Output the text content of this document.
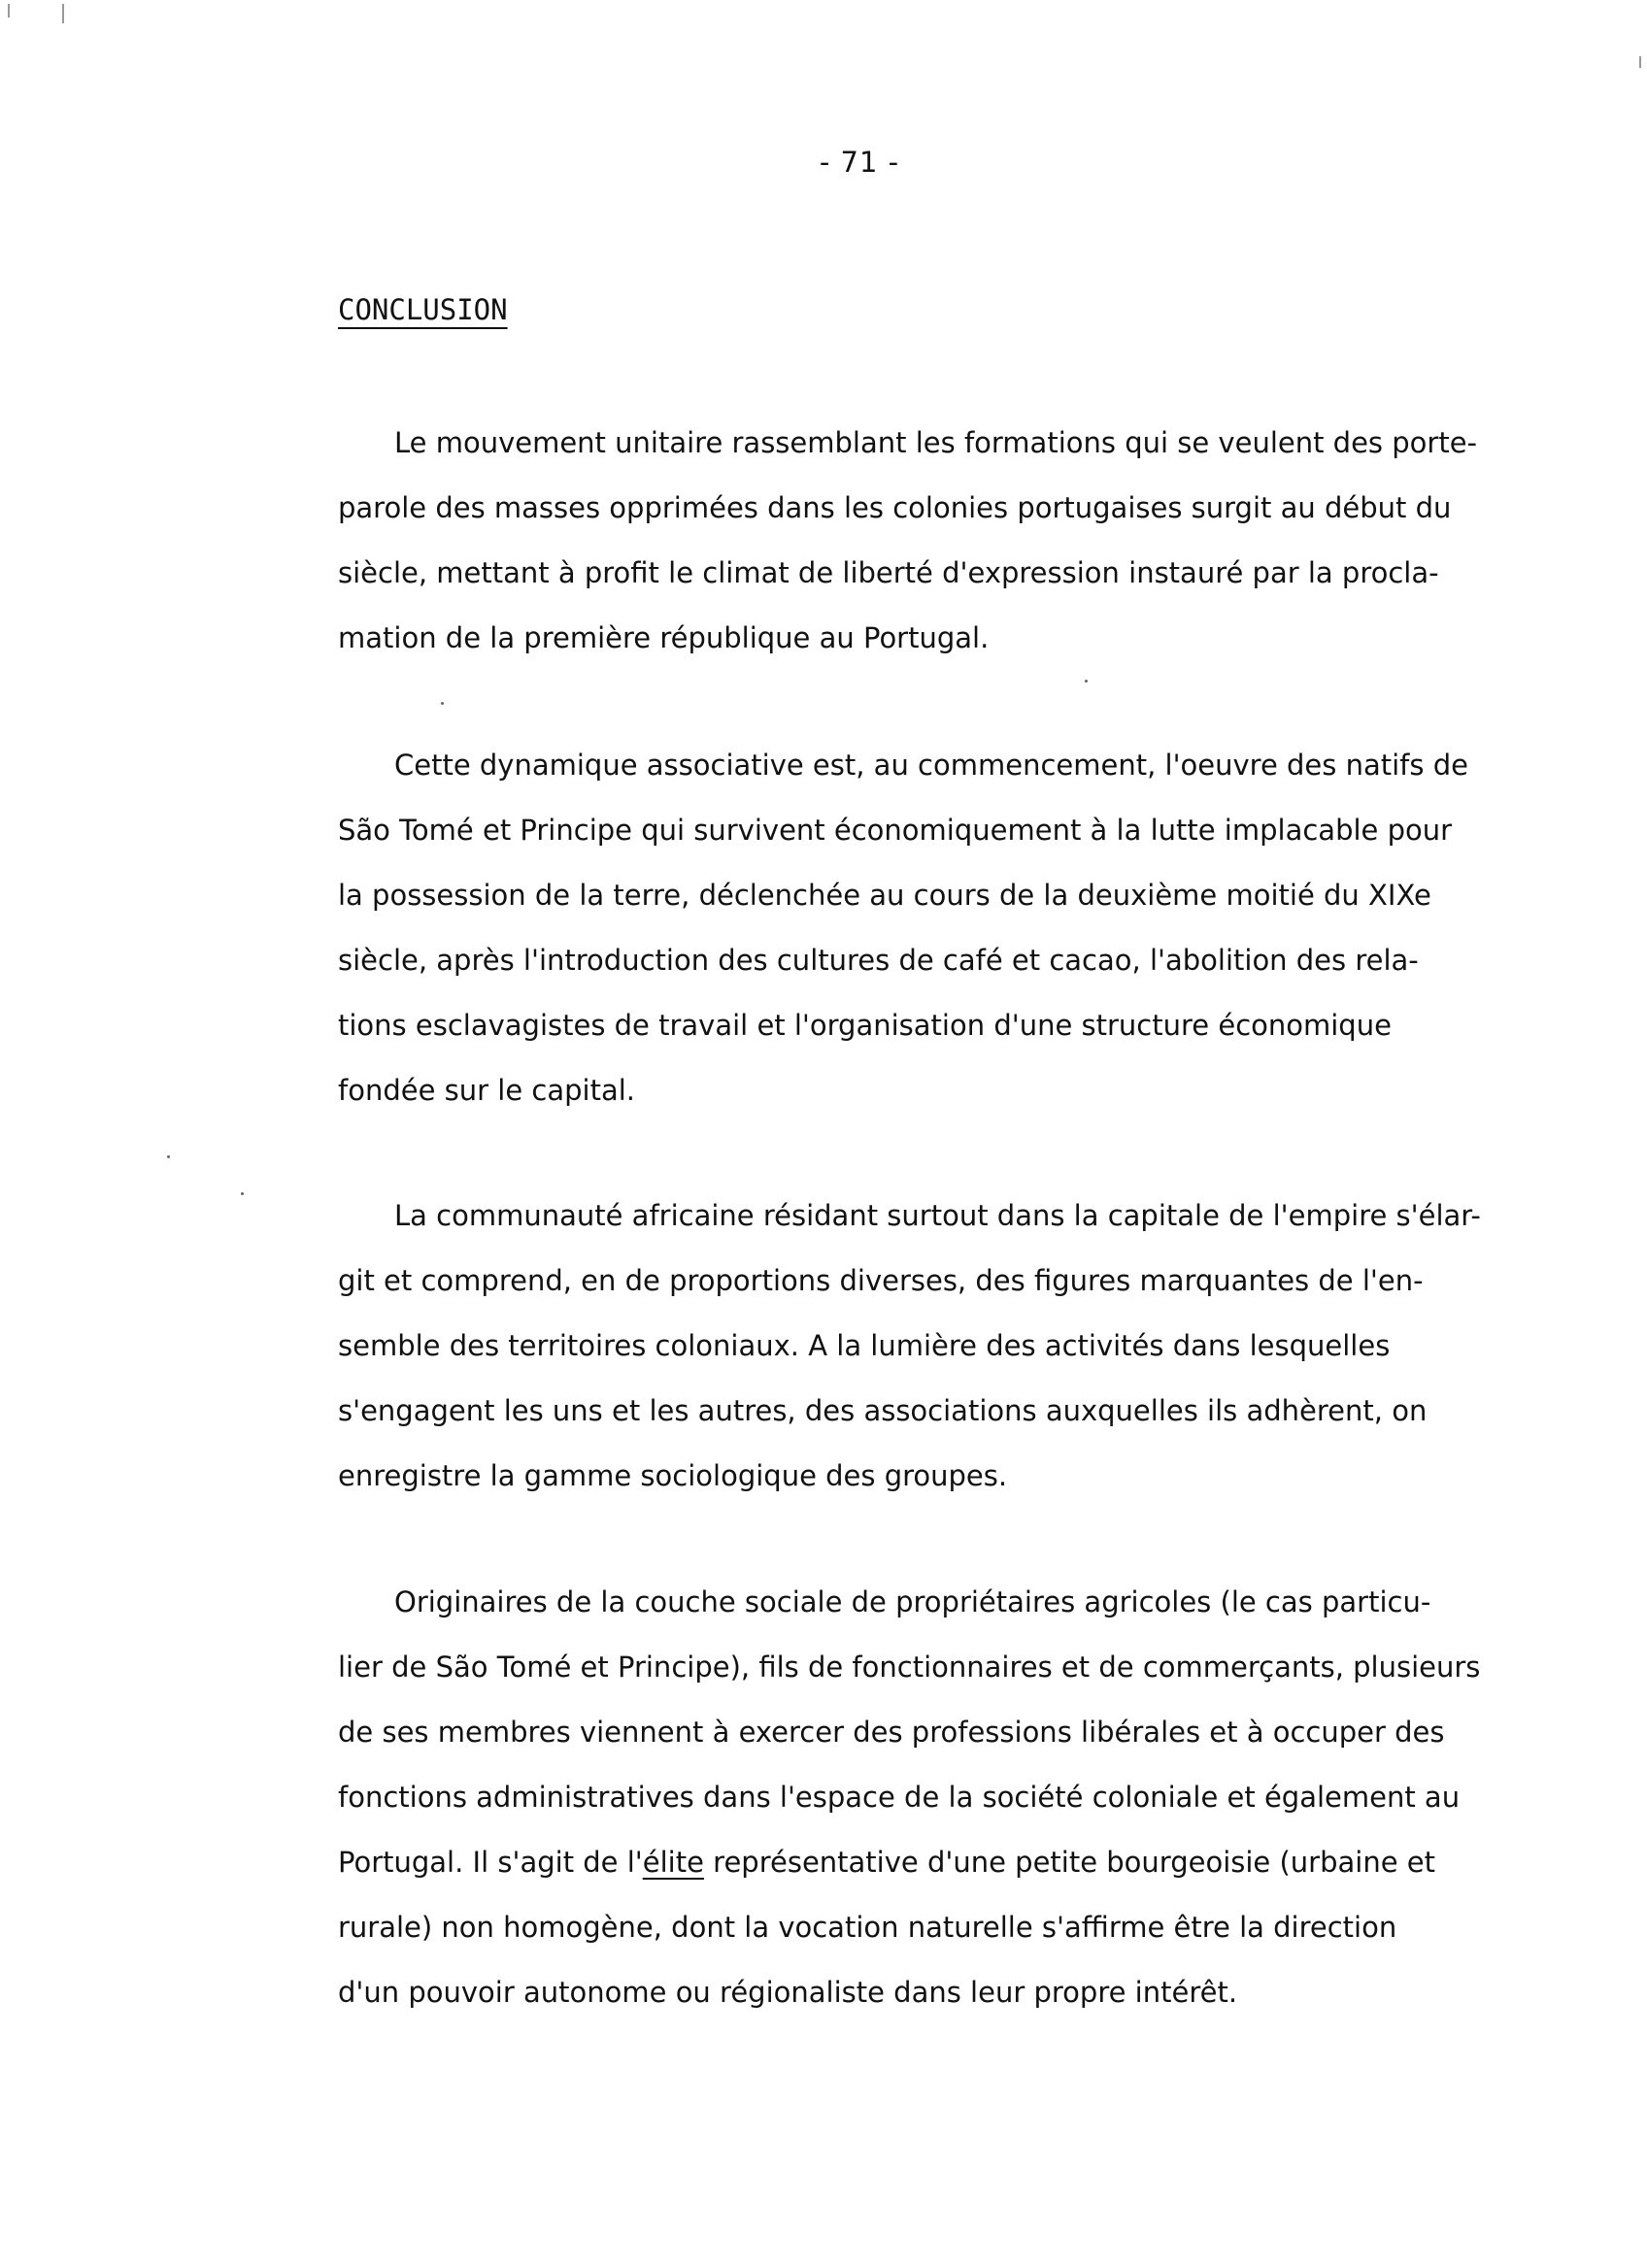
- 71 -
CONCLUSION
Le mouvement unitaire rassemblant les formations qui se veulent des porte-
parole des masses opprimées dans les colonies portugaises surgit au début du
siècle, mettant à profit le climat de liberté d'expression instauré par la procla-
mation de la première république au Portugal.
Cette dynamique associative est, au commencement, l'oeuvre des natifs de
São Tomé et Principe qui survivent économiquement à la lutte implacable pour
la possession de la terre, déclenchée au cours de la deuxième moitié du XIXe
siècle, après l'introduction des cultures de café et cacao, l'abolition des rela-
tions esclavagistes de travail et l'organisation d'une structure économique
fondée sur le capital.
La communauté africaine résidant surtout dans la capitale de l'empire s'élar-
git et comprend, en de proportions diverses, des figures marquantes de l'en-
semble des territoires coloniaux. A la lumière des activités dans lesquelles
s'engagent les uns et les autres, des associations auxquelles ils adhèrent, on
enregistre la gamme sociologique des groupes.
Originaires de la couche sociale de propriétaires agricoles (le cas particu-
lier de São Tomé et Principe), fils de fonctionnaires et de commerçants, plusieurs
de ses membres viennent à exercer des professions libérales et à occuper des
fonctions administratives dans l'espace de la société coloniale et également au
Portugal. Il s'agit de l'élite représentative d'une petite bourgeoisie (urbaine et
rurale) non homogène, dont la vocation naturelle s'affirme être la direction
d'un pouvoir autonome ou régionaliste dans leur propre intérêt.
